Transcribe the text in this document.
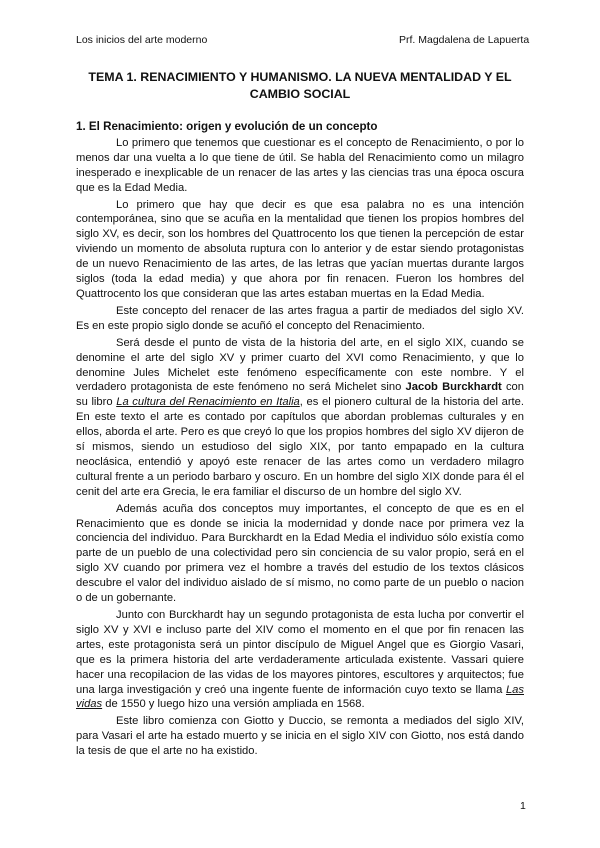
Los inicios del arte moderno	Prf. Magdalena de Lapuerta
TEMA 1. RENACIMIENTO Y HUMANISMO. LA NUEVA MENTALIDAD Y EL CAMBIO SOCIAL
1. El Renacimiento: origen y evolución de un concepto

Lo primero que tenemos que cuestionar es el concepto de Renacimiento, o por lo menos dar una vuelta a lo que tiene de útil. Se habla del Renacimiento como un milagro inesperado e inexplicable de un renacer de las artes y las ciencias tras una época oscura que es la Edad Media.

Lo primero que hay que decir es que esa palabra no es una intención contemporánea, sino que se acuña en la mentalidad que tienen los propios hombres del siglo XV, es decir, son los hombres del Quattrocento los que tienen la percepción de estar viviendo un momento de absoluta ruptura con lo anterior y de estar siendo protagonistas de un nuevo Renacimiento de las artes, de las letras que yacían muertas durante largos siglos (toda la edad media) y que ahora por fin renacen. Fueron los hombres del Quattrocento los que consideran que las artes estaban muertas en la Edad Media.

Este concepto del renacer de las artes fragua a partir de mediados del siglo XV. Es en este propio siglo donde se acuñó el concepto del Renacimiento.

Será desde el punto de vista de la historia del arte, en el siglo XIX, cuando se denomine el arte del siglo XV y primer cuarto del XVI como Renacimiento, y que lo denomine Jules Michelet este fenómeno específicamente con este nombre. Y el verdadero protagonista de este fenómeno no será Michelet sino Jacob Burckhardt con su libro La cultura del Renacimiento en Italia, es el pionero cultural de la historia del arte. En este texto el arte es contado por capítulos que abordan problemas culturales y en ellos, aborda el arte. Pero es que creyó lo que los propios hombres del siglo XV dijeron de sí mismos, siendo un estudioso del siglo XIX, por tanto empapado en la cultura neoclásica, entendió y apoyó este renacer de las artes como un verdadero milagro cultural frente a un periodo barbaro y oscuro. En un hombre del siglo XIX donde para él el cenit del arte era Grecia, le era familiar el discurso de un hombre del siglo XV.

Además acuña dos conceptos muy importantes, el concepto de que es en el Renacimiento que es donde se inicia la modernidad y donde nace por primera vez la conciencia del individuo. Para Burckhardt en la Edad Media el individuo sólo existía como parte de un pueblo de una colectividad pero sin conciencia de su valor propio, será en el siglo XV cuando por primera vez el hombre a través del estudio de los textos clásicos descubre el valor del individuo aislado de sí mismo, no como parte de un pueblo o nacion o de un gobernante.

Junto con Burckhardt hay un segundo protagonista de esta lucha por convertir el siglo XV y XVI e incluso parte del XIV como el momento en el que por fin renacen las artes, este protagonista será un pintor discípulo de Miguel Angel que es Giorgio Vasari, que es la primera historia del arte verdaderamente articulada existente. Vassari quiere hacer una recopilacion de las vidas de los mayores pintores, escultores y arquitectos; fue una larga investigación y creó una ingente fuente de información cuyo texto se llama Las vidas de 1550 y luego hizo una versión ampliada en 1568.

Este libro comienza con Giotto y Duccio, se remonta a mediados del siglo XIV, para Vasari el arte ha estado muerto y se inicia en el siglo XIV con Giotto, nos está dando la tesis de que el arte no ha existido.

1
